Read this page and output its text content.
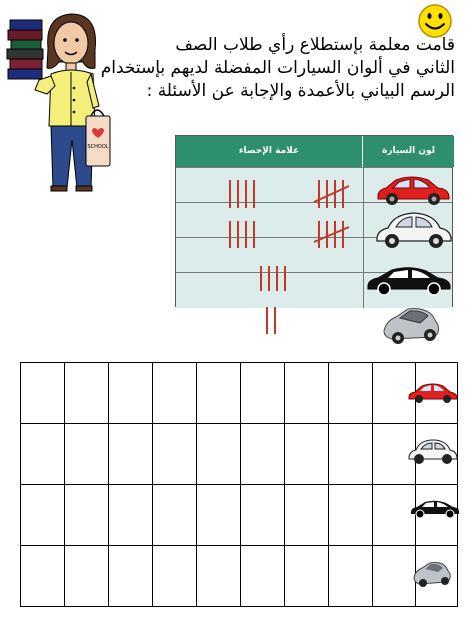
SCHOOL
قامت معلمة بإستطلاع رأي طلاب الصف
الثاني في ألوان السيارات المفضلة لديهم بإستخدام
الرسم البياني بالأعمدة والإجابة عن الأسئلة :
علامة الإحصاء	لون السيارة
